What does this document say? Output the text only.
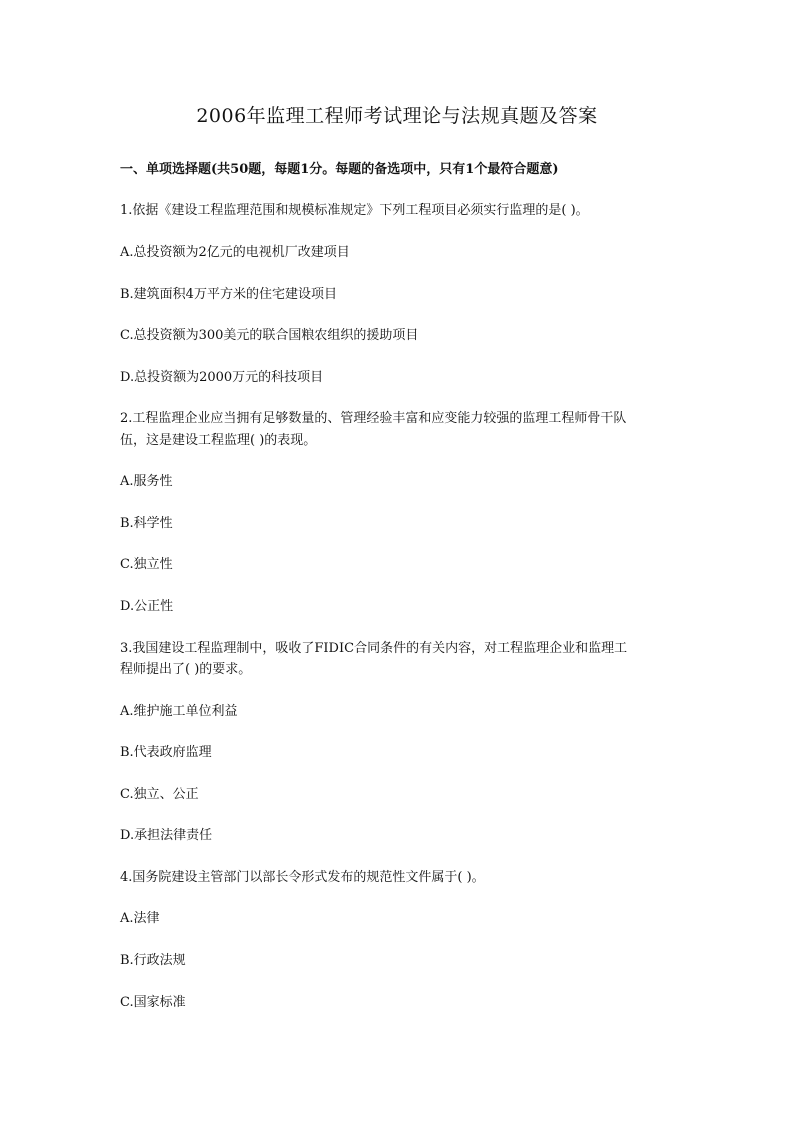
2006年监理工程师考试理论与法规真题及答案
一、单项选择题(共50题，每题1分。每题的备选项中，只有1个最符合题意)
1.依据《建设工程监理范围和规模标准规定》下列工程项目必须实行监理的是( )。
A.总投资额为2亿元的电视机厂改建项目
B.建筑面积4万平方米的住宅建设项目
C.总投资额为300美元的联合国粮农组织的援助项目
D.总投资额为2000万元的科技项目
2.工程监理企业应当拥有足够数量的、管理经验丰富和应变能力较强的监理工程师骨干队
伍，这是建设工程监理( )的表现。
A.服务性
B.科学性
C.独立性
D.公正性
3.我国建设工程监理制中，吸收了FIDIC合同条件的有关内容，对工程监理企业和监理工
程师提出了( )的要求。
A.维护施工单位利益
B.代表政府监理
C.独立、公正
D.承担法律责任
4.国务院建设主管部门以部长令形式发布的规范性文件属于( )。
A.法律
B.行政法规
C.国家标准
